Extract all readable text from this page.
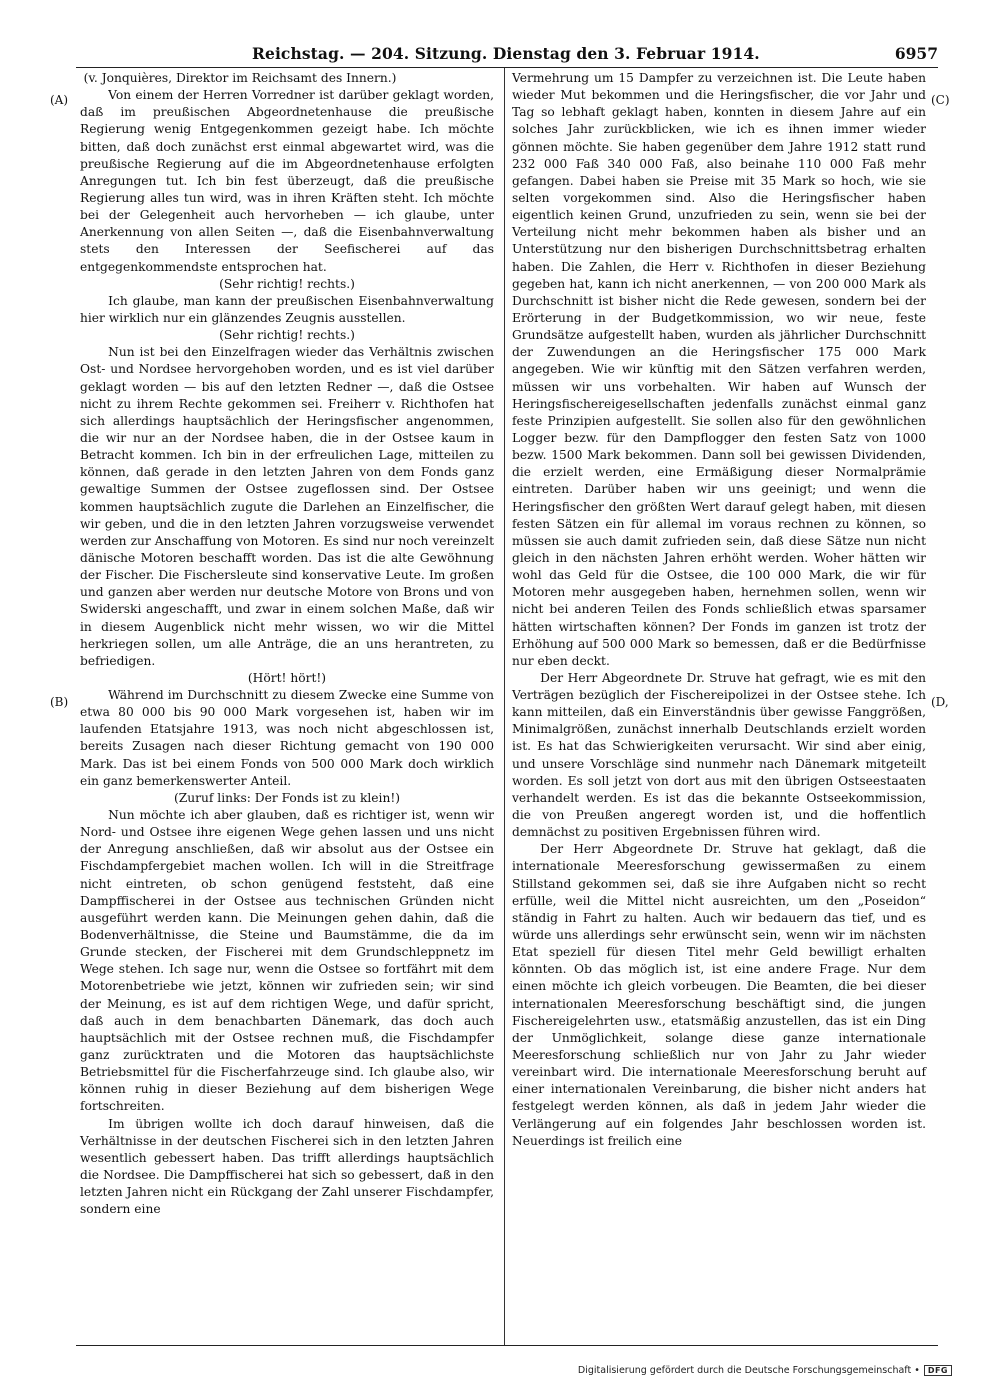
Reichstag. — 204. Sitzung. Dienstag den 3. Februar 1914.	6957
(A)
(B)
(C)
(D,

(v. Jonquières, Direktor im Reichsamt des Innern.)

Von einem der Herren Vorredner ist darüber geklagt worden, daß im preußischen Abgeordnetenhause die preußische Regierung wenig Entgegenkommen gezeigt habe. Ich möchte bitten, daß doch zunächst erst einmal abgewartet wird, was die preußische Regierung auf die im Abgeordnetenhause erfolgten Anregungen tut. Ich bin fest überzeugt, daß die preußische Regierung alles tun wird, was in ihren Kräften steht. Ich möchte bei der Gelegenheit auch hervorheben — ich glaube, unter Anerkennung von allen Seiten —, daß die Eisenbahnverwaltung stets den Interessen der Seefischerei auf das entgegenkommendste entsprochen hat.

(Sehr richtig! rechts.)

Ich glaube, man kann der preußischen Eisenbahnverwaltung hier wirklich nur ein glänzendes Zeugnis ausstellen.

(Sehr richtig! rechts.)

Nun ist bei den Einzelfragen wieder das Verhältnis zwischen Ost- und Nordsee hervorgehoben worden, und es ist viel darüber geklagt worden — bis auf den letzten Redner —, daß die Ostsee nicht zu ihrem Rechte gekommen sei. Freiherr v. Richthofen hat sich allerdings hauptsächlich der Heringsfischer angenommen, die wir nur an der Nordsee haben, die in der Ostsee kaum in Betracht kommen. Ich bin in der erfreulichen Lage, mitteilen zu können, daß gerade in den letzten Jahren von dem Fonds ganz gewaltige Summen der Ostsee zugeflossen sind. Der Ostsee kommen hauptsächlich zugute die Darlehen an Einzelfischer, die wir geben, und die in den letzten Jahren vorzugsweise verwendet werden zur Anschaffung von Motoren. Es sind nur noch vereinzelt dänische Motoren beschafft worden. Das ist die alte Gewöhnung der Fischer. Die Fischersleute sind konservative Leute. Im großen und ganzen aber werden nur deutsche Motore von Brons und von Swiderski angeschafft, und zwar in einem solchen Maße, daß wir in diesem Augenblick nicht mehr wissen, wo wir die Mittel herkriegen sollen, um alle Anträge, die an uns herantreten, zu befriedigen.

(Hört! hört!)

Während im Durchschnitt zu diesem Zwecke eine Summe von etwa 80 000 bis 90 000 Mark vorgesehen ist, haben wir im laufenden Etatsjahre 1913, was noch nicht abgeschlossen ist, bereits Zusagen nach dieser Richtung gemacht von 190 000 Mark. Das ist bei einem Fonds von 500 000 Mark doch wirklich ein ganz bemerkenswerter Anteil.

(Zuruf links: Der Fonds ist zu klein!)

Nun möchte ich aber glauben, daß es richtiger ist, wenn wir Nord- und Ostsee ihre eigenen Wege gehen lassen und uns nicht der Anregung anschließen, daß wir absolut aus der Ostsee ein Fischdampfergebiet machen wollen. Ich will in die Streitfrage nicht eintreten, ob schon genügend feststeht, daß eine Dampffischerei in der Ostsee aus technischen Gründen nicht ausgeführt werden kann. Die Meinungen gehen dahin, daß die Bodenverhältnisse, die Steine und Baumstämme, die da im Grunde stecken, der Fischerei mit dem Grundschleppnetz im Wege stehen. Ich sage nur, wenn die Ostsee so fortfährt mit dem Motorenbetriebe wie jetzt, können wir zufrieden sein; wir sind der Meinung, es ist auf dem richtigen Wege, und dafür spricht, daß auch in dem benachbarten Dänemark, das doch auch hauptsächlich mit der Ostsee rechnen muß, die Fischdampfer ganz zurücktraten und die Motoren das hauptsächlichste Betriebsmittel für die Fischerfahrzeuge sind. Ich glaube also, wir können ruhig in dieser Beziehung auf dem bisherigen Wege fortschreiten.

Im übrigen wollte ich doch darauf hinweisen, daß die Verhältnisse in der deutschen Fischerei sich in den letzten Jahren wesentlich gebessert haben. Das trifft allerdings hauptsächlich die Nordsee. Die Dampffischerei hat sich so gebessert, daß in den letzten Jahren nicht ein Rückgang der Zahl unserer Fischdampfer, sondern eine

Vermehrung um 15 Dampfer zu verzeichnen ist. Die Leute haben wieder Mut bekommen und die Heringsfischer, die vor Jahr und Tag so lebhaft geklagt haben, konnten in diesem Jahre auf ein solches Jahr zurückblicken, wie ich es ihnen immer wieder gönnen möchte. Sie haben gegenüber dem Jahre 1912 statt rund 232 000 Faß 340 000 Faß, also beinahe 110 000 Faß mehr gefangen. Dabei haben sie Preise mit 35 Mark so hoch, wie sie selten vorgekommen sind. Also die Heringsfischer haben eigentlich keinen Grund, unzufrieden zu sein, wenn sie bei der Verteilung nicht mehr bekommen haben als bisher und an Unterstützung nur den bisherigen Durchschnittsbetrag erhalten haben. Die Zahlen, die Herr v. Richthofen in dieser Beziehung gegeben hat, kann ich nicht anerkennen, — von 200 000 Mark als Durchschnitt ist bisher nicht die Rede gewesen, sondern bei der Erörterung in der Budgetkommission, wo wir neue, feste Grundsätze aufgestellt haben, wurden als jährlicher Durchschnitt der Zuwendungen an die Heringsfischer 175 000 Mark angegeben. Wie wir künftig mit den Sätzen verfahren werden, müssen wir uns vorbehalten. Wir haben auf Wunsch der Heringsfischereigesellschaften jedenfalls zunächst einmal ganz feste Prinzipien aufgestellt. Sie sollen also für den gewöhnlichen Logger bezw. für den Dampflogger den festen Satz von 1000 bezw. 1500 Mark bekommen. Dann soll bei gewissen Dividenden, die erzielt werden, eine Ermäßigung dieser Normalprämie eintreten. Darüber haben wir uns geeinigt; und wenn die Heringsfischer den größten Wert darauf gelegt haben, mit diesen festen Sätzen ein für allemal im voraus rechnen zu können, so müssen sie auch damit zufrieden sein, daß diese Sätze nun nicht gleich in den nächsten Jahren erhöht werden. Woher hätten wir wohl das Geld für die Ostsee, die 100 000 Mark, die wir für Motoren mehr ausgegeben haben, hernehmen sollen, wenn wir nicht bei anderen Teilen des Fonds schließlich etwas sparsamer hätten wirtschaften können? Der Fonds im ganzen ist trotz der Erhöhung auf 500 000 Mark so bemessen, daß er die Bedürfnisse nur eben deckt.

Der Herr Abgeordnete Dr. Struve hat gefragt, wie es mit den Verträgen bezüglich der Fischereipolizei in der Ostsee stehe. Ich kann mitteilen, daß ein Einverständnis über gewisse Fanggrößen, Minimalgrößen, zunächst innerhalb Deutschlands erzielt worden ist. Es hat das Schwierigkeiten verursacht. Wir sind aber einig, und unsere Vorschläge sind nunmehr nach Dänemark mitgeteilt worden. Es soll jetzt von dort aus mit den übrigen Ostseestaaten verhandelt werden. Es ist das die bekannte Ostseekommission, die von Preußen angeregt worden ist, und die hoffentlich demnächst zu positiven Ergebnissen führen wird.

Der Herr Abgeordnete Dr. Struve hat geklagt, daß die internationale Meeresforschung gewissermaßen zu einem Stillstand gekommen sei, daß sie ihre Aufgaben nicht so recht erfülle, weil die Mittel nicht ausreichten, um den „Poseidon“ ständig in Fahrt zu halten. Auch wir bedauern das tief, und es würde uns allerdings sehr erwünscht sein, wenn wir im nächsten Etat speziell für diesen Titel mehr Geld bewilligt erhalten könnten. Ob das möglich ist, ist eine andere Frage. Nur dem einen möchte ich gleich vorbeugen. Die Beamten, die bei dieser internationalen Meeresforschung beschäftigt sind, die jungen Fischereigelehrten usw., etatsmäßig anzustellen, das ist ein Ding der Unmöglichkeit, solange diese ganze internationale Meeresforschung schließlich nur von Jahr zu Jahr wieder vereinbart wird. Die internationale Meeresforschung beruht auf einer internationalen Vereinbarung, die bisher nicht anders hat festgelegt werden können, als daß in jedem Jahr wieder die Verlängerung auf ein folgendes Jahr beschlossen worden ist. Neuerdings ist freilich eine

Digitalisierung gefördert durch die Deutsche Forschungsgemeinschaft •	DFG
